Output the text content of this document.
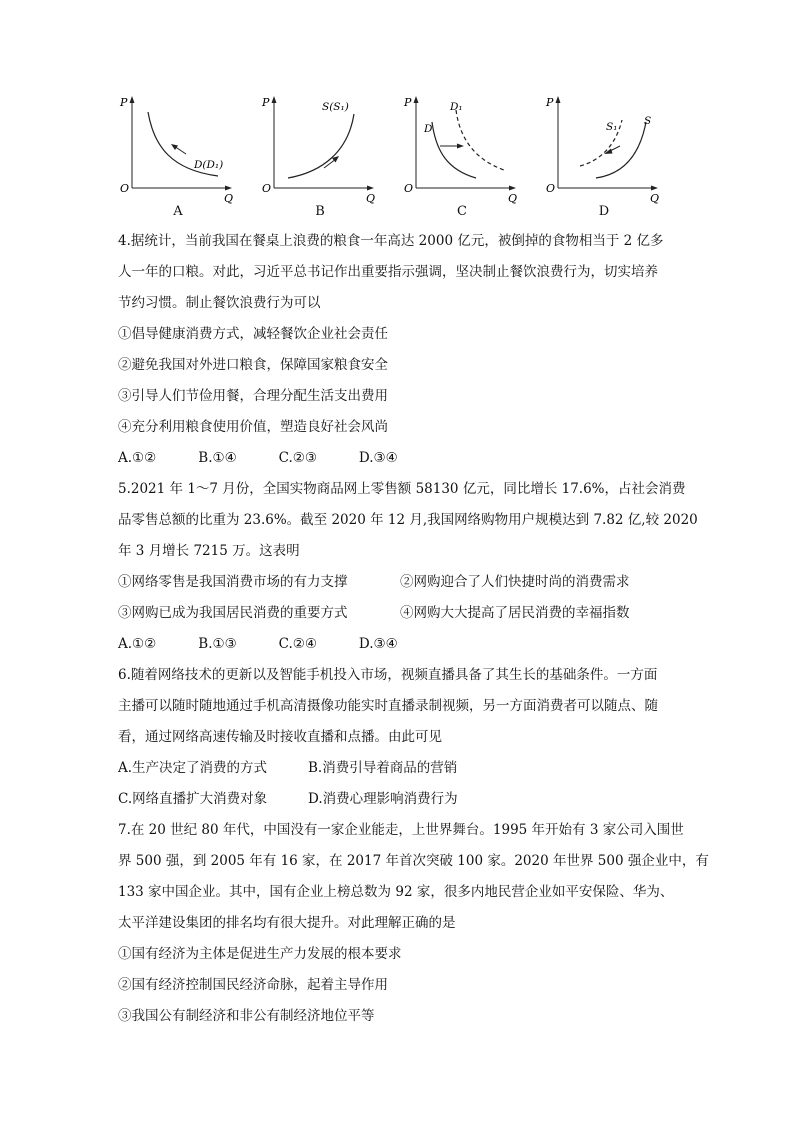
P
O
Q
D(D₁)
A
P
O
Q
S(S₁)
B
P
O
Q
D
D₁
C
P
O
Q
S
S₁
D
4.据统计，当前我国在餐桌上浪费的粮食一年高达 2000 亿元，被倒掉的食物相当于 2 亿多
人一年的口粮。对此，习近平总书记作出重要指示强调，坚决制止餐饮浪费行为，切实培养
节约习惯。制止餐饮浪费行为可以
①倡导健康消费方式，减轻餐饮企业社会责任
②避免我国对外进口粮食，保障国家粮食安全
③引导人们节俭用餐，合理分配生活支出费用
④充分利用粮食使用价值，塑造良好社会风尚
A.①②	B.①④	C.②③	D.③④
5.2021 年 1～7 月份，全国实物商品网上零售额 58130 亿元，同比增长 17.6%，占社会消费
品零售总额的比重为 23.6%。截至 2020 年 12 月,我国网络购物用户规模达到 7.82 亿,较 2020
年 3 月增长 7215 万。这表明
①网络零售是我国消费市场的有力支撑	②网购迎合了人们快捷时尚的消费需求
③网购已成为我国居民消费的重要方式	④网购大大提高了居民消费的幸福指数
A.①②	B.①③	C.②④	D.③④
6.随着网络技术的更新以及智能手机投入市场，视频直播具备了其生长的基础条件。一方面
主播可以随时随地通过手机高清摄像功能实时直播录制视频，另一方面消费者可以随点、随
看，通过网络高速传输及时接收直播和点播。由此可见
A.生产决定了消费的方式	B.消费引导着商品的营销
C.网络直播扩大消费对象	D.消费心理影响消费行为
7.在 20 世纪 80 年代，中国没有一家企业能走，上世界舞台。1995 年开始有 3 家公司入围世
界 500 强，到 2005 年有 16 家，在 2017 年首次突破 100 家。2020 年世界 500 强企业中，有
133 家中国企业。其中，国有企业上榜总数为 92 家，很多内地民营企业如平安保险、华为、
太平洋建设集团的排名均有很大提升。对此理解正确的是
①国有经济为主体是促进生产力发展的根本要求
②国有经济控制国民经济命脉，起着主导作用
③我国公有制经济和非公有制经济地位平等
